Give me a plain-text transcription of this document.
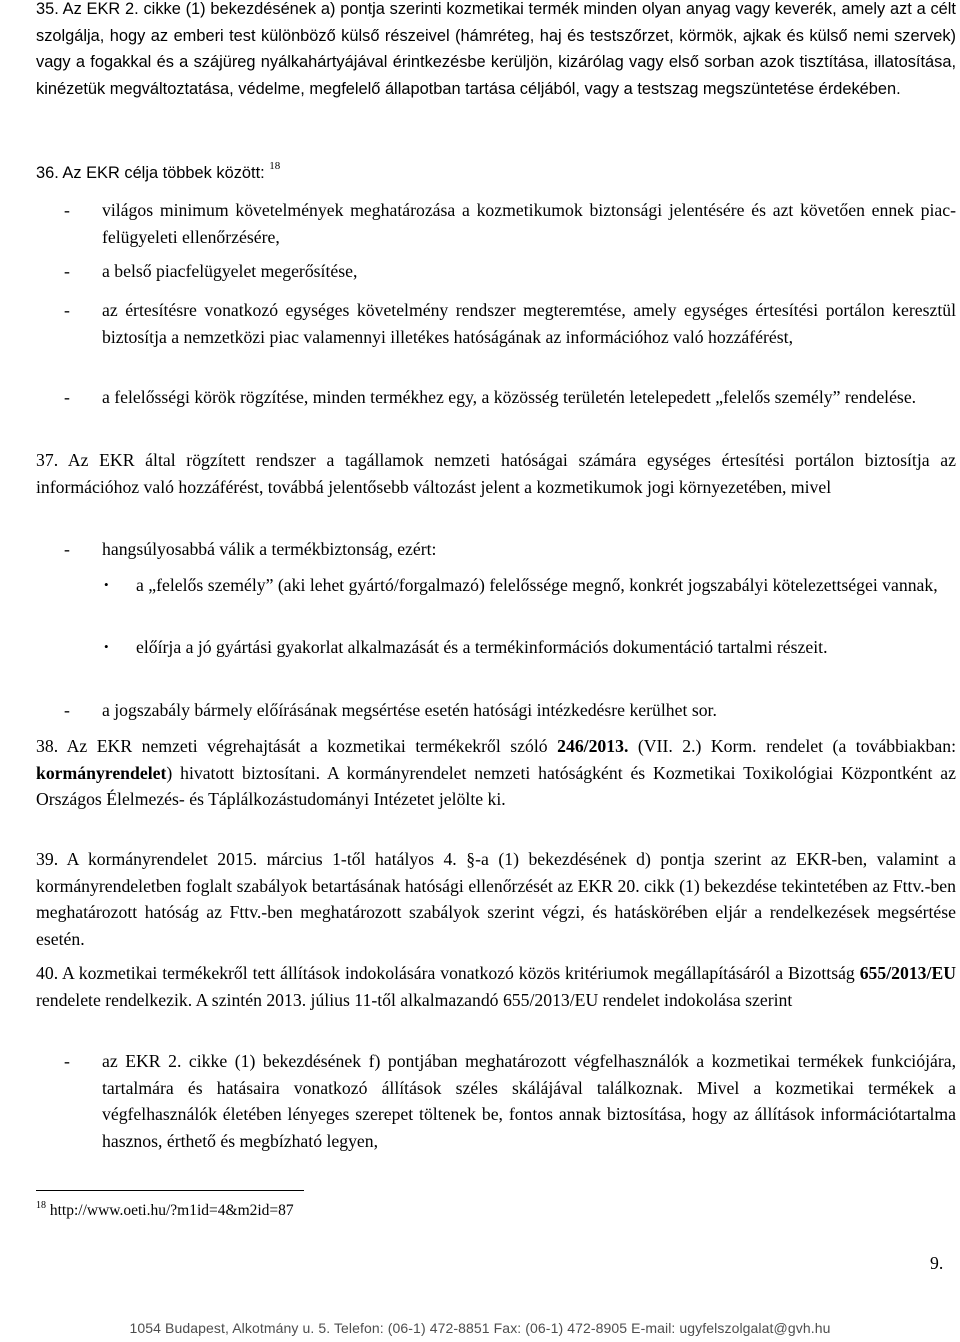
35. Az EKR 2. cikke (1) bekezdésének a) pontja szerinti kozmetikai termék minden olyan anyag vagy keverék, amely azt a célt szolgálja, hogy az emberi test különböző külső részeivel (hámréteg, haj és testszőrzet, körmök, ajkak és külső nemi szervek) vagy a fogakkal és a szájüreg nyálkahártyájával érintkezésbe kerüljön, kizárólag vagy első sorban azok tisztítása, illatosítása, kinézetük megváltoztatása, védelme, megfelelő állapotban tartása céljából, vagy a testszag megszüntetése érdekében.
36. Az EKR célja többek között: $^{18}$
-	világos minimum követelmények meghatározása a kozmetikumok biztonsági jelentésére és azt követően ennek piac-felügyeleti ellenőrzésére,
-	a belső piacfelügyelet megerősítése,
-	az értesítésre vonatkozó egységes követelmény rendszer megteremtése, amely egységes értesítési portálon keresztül biztosítja a nemzetközi piac valamennyi illetékes hatóságának az információhoz való hozzáférést,
-	a felelősségi körök rögzítése, minden termékhez egy, a közösség területén letelepedett „felelős személy” rendelése.
37. Az EKR által rögzített rendszer a tagállamok nemzeti hatóságai számára egységes értesítési portálon biztosítja az információhoz való hozzáférést, továbbá jelentősebb változást jelent a kozmetikumok jogi környezetében, mivel
-	hangsúlyosabbá válik a termékbiztonság, ezért:
•	a „felelős személy” (aki lehet gyártó/forgalmazó) felelőssége megnő, konkrét jogszabályi kötelezettségei vannak,
•	előírja a jó gyártási gyakorlat alkalmazását és a termékinformációs dokumentáció tartalmi részeit.
-	a jogszabály bármely előírásának megsértése esetén hatósági intézkedésre kerülhet sor.
38. Az EKR nemzeti végrehajtását a kozmetikai termékekről szóló 246/2013. (VII. 2.) Korm. rendelet (a továbbiakban: kormányrendelet) hivatott biztosítani. A kormányrendelet nemzeti hatóságként és Kozmetikai Toxikológiai Központként az Országos Élelmezés- és Táplálkozástudományi Intézetet jelölte ki.
39. A kormányrendelet 2015. március 1-től hatályos 4. §-a (1) bekezdésének d) pontja szerint az EKR-ben, valamint a kormányrendeletben foglalt szabályok betartásának hatósági ellenőrzését az EKR 20. cikk (1) bekezdése tekintetében az Fttv.-ben meghatározott hatóság az Fttv.-ben meghatározott szabályok szerint végzi, és hatáskörében eljár a rendelkezések megsértése esetén.
40. A kozmetikai termékekről tett állítások indokolására vonatkozó közös kritériumok megállapításáról a Bizottság 655/2013/EU rendelete rendelkezik. A szintén 2013. július 11-től alkalmazandó 655/2013/EU rendelet indokolása szerint
-	az EKR 2. cikke (1) bekezdésének f) pontjában meghatározott végfelhasználók a kozmetikai termékek funkciójára, tartalmára és hatásaira vonatkozó állítások széles skálájával találkoznak. Mivel a kozmetikai termékek a végfelhasználók életében lényeges szerepet töltenek be, fontos annak biztosítása, hogy az állítások információtartalma hasznos, érthető és megbízható legyen,
$^{18}$ http://www.oeti.hu/?m1id=4&m2id=87
9.
1054 Budapest, Alkotmány u. 5. Telefon: (06-1) 472-8851 Fax: (06-1) 472-8905 E-mail: ugyfelszolgalat@gvh.hu
